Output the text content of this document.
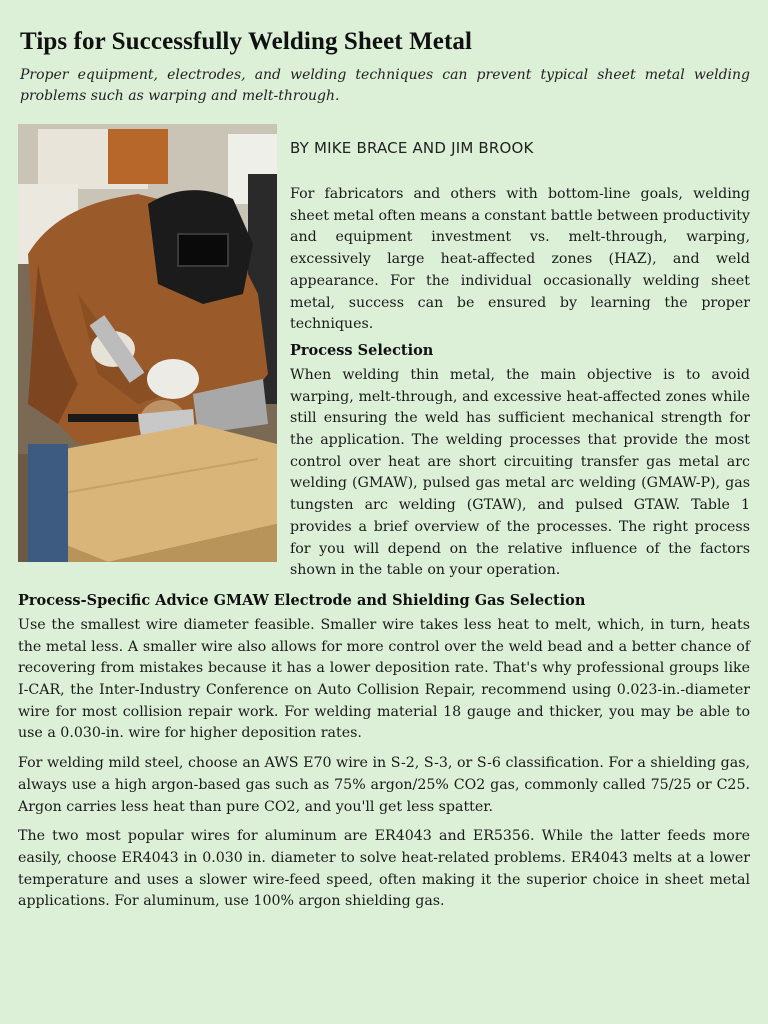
Tips for Successfully Welding Sheet Metal
Proper equipment, electrodes, and welding techniques can prevent typical sheet metal welding problems such as warping and melt-through.
BY MIKE BRACE AND JIM BROOK

For fabricators and others with bottom-line goals, welding sheet metal often means a constant battle between productivity and equipment investment vs. melt-through, warping, excessively large heat-affected zones (HAZ), and weld appearance. For the individual occasionally welding sheet metal, success can be ensured by learning the proper techniques.

Process Selection

When welding thin metal, the main objective is to avoid warping, melt-through, and excessive heat-affected zones while still ensuring the weld has sufficient mechanical strength for the application. The welding processes that provide the most control over heat are short circuiting transfer gas metal arc welding (GMAW), pulsed gas metal arc welding (GMAW-P), gas tungsten arc welding (GTAW), and pulsed GTAW. Table 1 provides a brief overview of the processes. The right process for you will depend on the relative influence of the factors shown in the table on your operation.

Process-Specific Advice GMAW Electrode and Shielding Gas Selection

Use the smallest wire diameter feasible. Smaller wire takes less heat to melt, which, in turn, heats the metal less. A smaller wire also allows for more control over the weld bead and a better chance of recovering from mistakes because it has a lower deposition rate. That's why professional groups like I-CAR, the Inter-Industry Conference on Auto Collision Repair, recommend using 0.023-in.-diameter wire for most collision repair work. For welding material 18 gauge and thicker, you may be able to use a 0.030-in. wire for higher deposition rates.

For welding mild steel, choose an AWS E70 wire in S-2, S-3, or S-6 classification. For a shielding gas, always use a high argon-based gas such as 75% argon/25% CO2 gas, commonly called 75/25 or C25. Argon carries less heat than pure CO2, and you'll get less spatter.

The two most popular wires for aluminum are ER4043 and ER5356. While the latter feeds more easily, choose ER4043 in 0.030 in. diameter to solve heat-related problems. ER4043 melts at a lower temperature and uses a slower wire-feed speed, often making it the superior choice in sheet metal applications. For aluminum, use 100% argon shielding gas.
